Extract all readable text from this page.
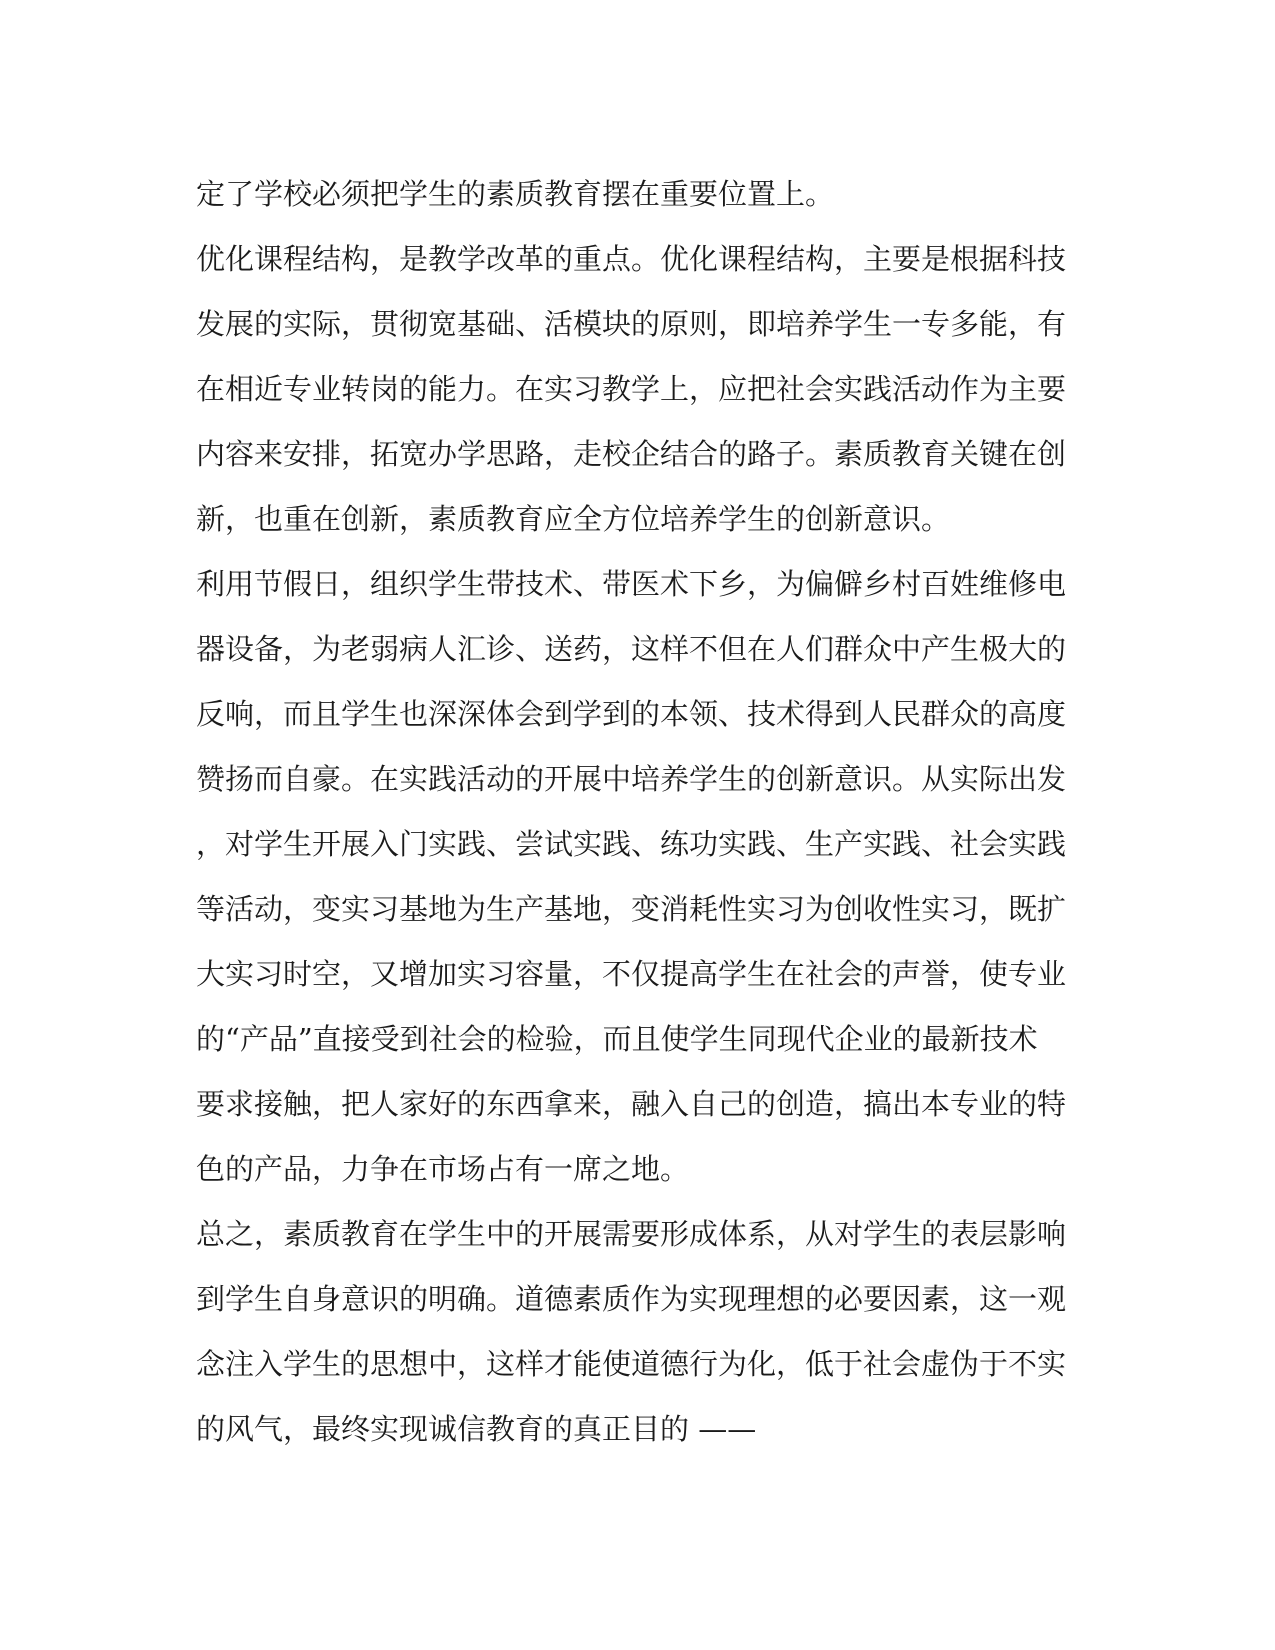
定了学校必须把学生的素质教育摆在重要位置上。
优化课程结构，是教学改革的重点。优化课程结构，主要是根据科技
发展的实际，贯彻宽基础、活模块的原则，即培养学生一专多能，有
在相近专业转岗的能力。在实习教学上，应把社会实践活动作为主要
内容来安排，拓宽办学思路，走校企结合的路子。素质教育关键在创
新，也重在创新，素质教育应全方位培养学生的创新意识。
利用节假日，组织学生带技术、带医术下乡，为偏僻乡村百姓维修电
器设备，为老弱病人汇诊、送药，这样不但在人们群众中产生极大的
反响，而且学生也深深体会到学到的本领、技术得到人民群众的高度
赞扬而自豪。在实践活动的开展中培养学生的创新意识。从实际出发
，对学生开展入门实践、尝试实践、练功实践、生产实践、社会实践
等活动，变实习基地为生产基地，变消耗性实习为创收性实习，既扩
大实习时空，又增加实习容量，不仅提高学生在社会的声誉，使专业
的“产品”直接受到社会的检验，而且使学生同现代企业的最新技术
要求接触，把人家好的东西拿来，融入自己的创造，搞出本专业的特
色的产品，力争在市场占有一席之地。
总之，素质教育在学生中的开展需要形成体系，从对学生的表层影响
到学生自身意识的明确。道德素质作为实现理想的必要因素，这一观
念注入学生的思想中，这样才能使道德行为化，低于社会虚伪于不实
的风气，最终实现诚信教育的真正目的 ——
